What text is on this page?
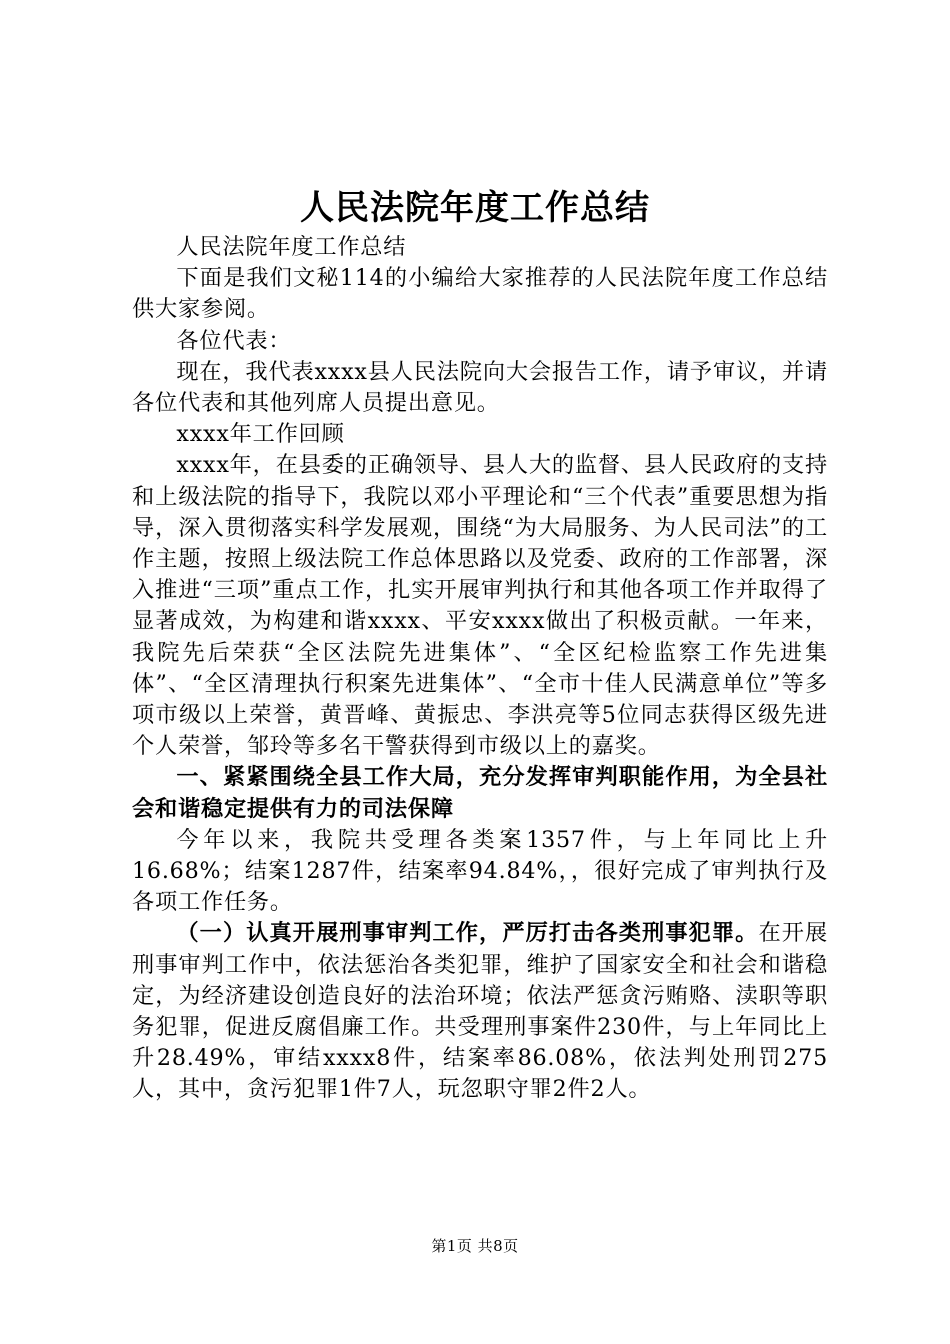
人民法院年度工作总结

人民法院年度工作总结

下面是我们文秘114的小编给大家推荐的人民法院年度工作总结供大家参阅。

各位代表：

现在，我代表xxxx县人民法院向大会报告工作，请予审议，并请各位代表和其他列席人员提出意见。

xxxx年工作回顾

xxxx年，在县委的正确领导、县人大的监督、县人民政府的支持和上级法院的指导下，我院以邓小平理论和“三个代表”重要思想为指导，深入贯彻落实科学发展观，围绕“为大局服务、为人民司法”的工作主题，按照上级法院工作总体思路以及党委、政府的工作部署，深入推进“三项”重点工作，扎实开展审判执行和其他各项工作并取得了显著成效，为构建和谐xxxx、平安xxxx做出了积极贡献。一年来，我院先后荣获“全区法院先进集体”、“全区纪检监察工作先进集体”、“全区清理执行积案先进集体”、“全市十佳人民满意单位”等多项市级以上荣誉，黄晋峰、黄振忠、李洪亮等5位同志获得区级先进个人荣誉，邹玲等多名干警获得到市级以上的嘉奖。

一、紧紧围绕全县工作大局，充分发挥审判职能作用，为全县社会和谐稳定提供有力的司法保障

今年以来，我院共受理各类案1357件，与上年同比上升16.68%；结案1287件，结案率94.84%，，很好完成了审判执行及各项工作任务。

（一）认真开展刑事审判工作，严厉打击各类刑事犯罪。在开展刑事审判工作中，依法惩治各类犯罪，维护了国家安全和社会和谐稳定，为经济建设创造良好的法治环境；依法严惩贪污贿赂、渎职等职务犯罪，促进反腐倡廉工作。共受理刑事案件230件，与上年同比上升28.49%，审结xxxx8件，结案率86.08%，依法判处刑罚275人，其中，贪污犯罪1件7人，玩忽职守罪2件2人。

第1页 共8页
